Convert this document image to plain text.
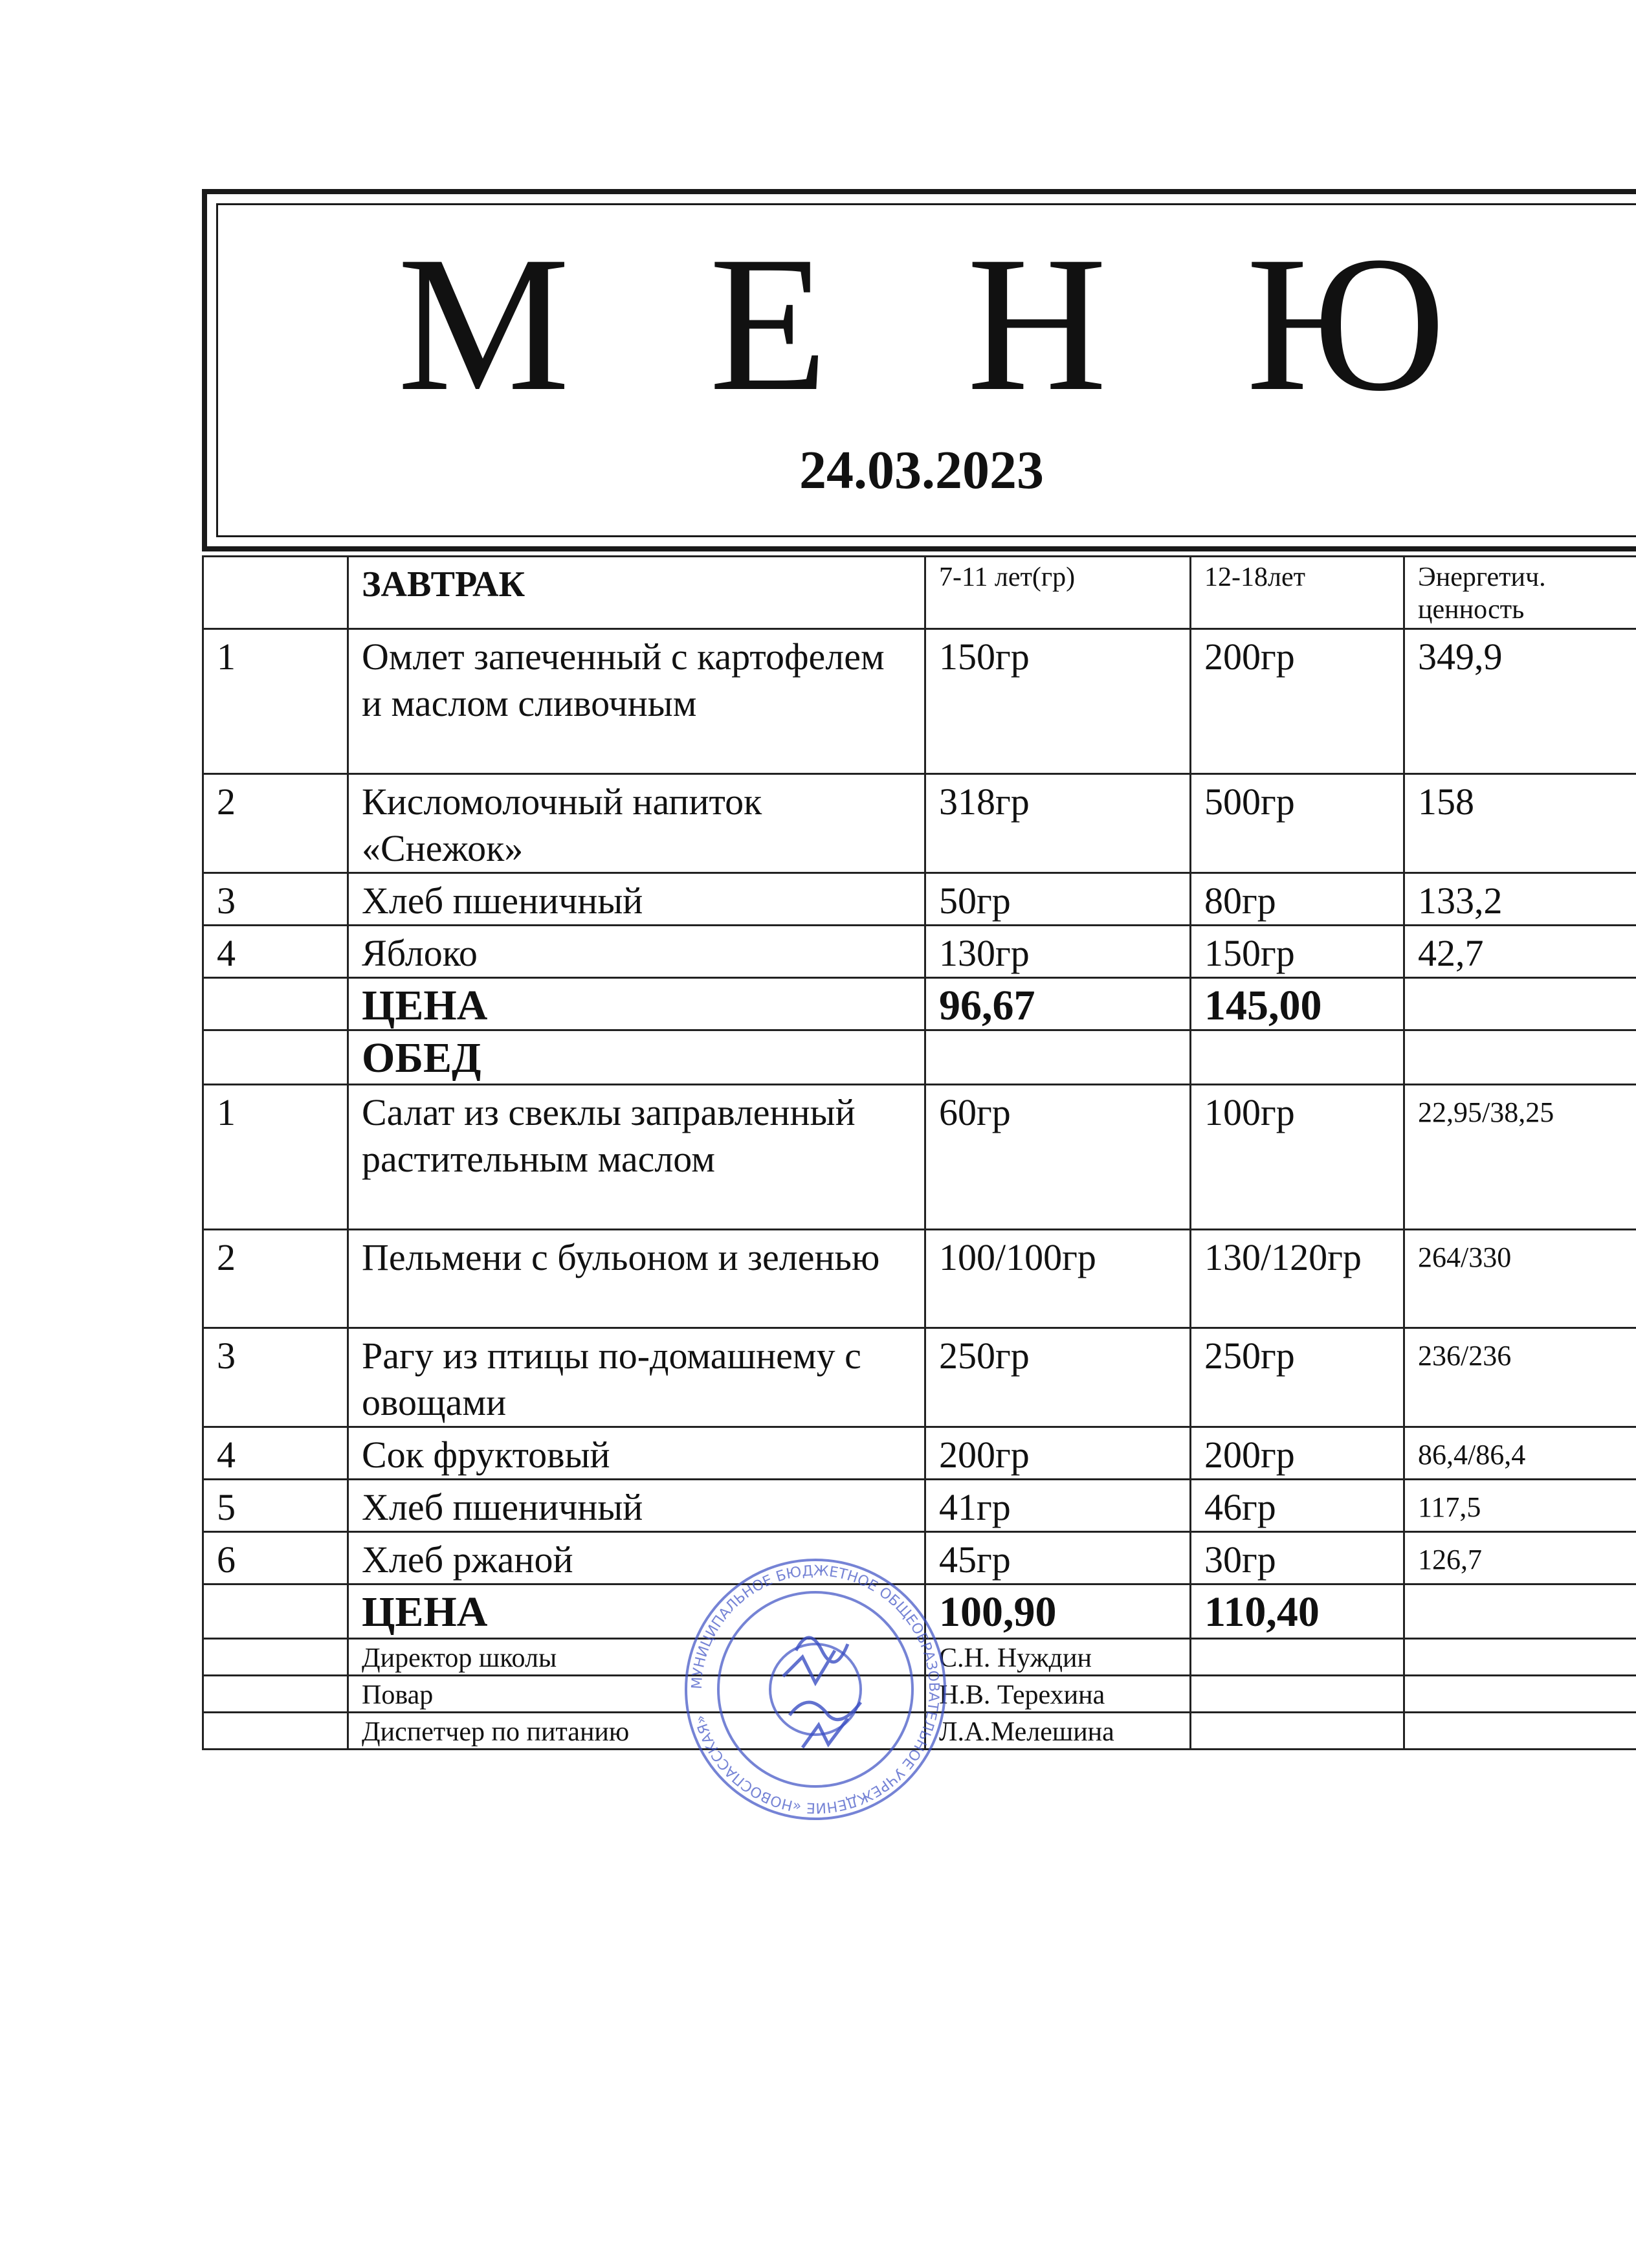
М Е Н Ю
24.03.2023
	ЗАВТРАК	7-11 лет(гр)	12-18лет	Энергетич. ценность
1	Омлет запеченный с картофелем и маслом сливочным	150гр	200гр	349,9
2	Кисломолочный напиток «Снежок»	318гр	500гр	158
3	Хлеб пшеничный	50гр	80гр	133,2
4	Яблоко	130гр	150гр	42,7
	ЦЕНА	96,67	145,00	
	ОБЕД			
1	Салат из свеклы заправленный растительным маслом	60гр	100гр	22,95/38,25
2	Пельмени с бульоном и зеленью	100/100гр	130/120гр	264/330
3	Рагу из птицы по-домашнему с овощами	250гр	250гр	236/236
4	Сок фруктовый	200гр	200гр	86,4/86,4
5	Хлеб пшеничный	41гр	46гр	117,5
6	Хлеб ржаной	45гр	30гр	126,7
	ЦЕНА	100,90	110,40	
	Директор школы	С.Н. Нуждин		
	Повар	Н.В. Терехина		
	Диспетчер по питанию	Л.А.Мелешина		
МУНИЦИПАЛЬНОЕ БЮДЖЕТНОЕ ОБЩЕОБРАЗОВАТЕЛЬНОЕ УЧРЕЖДЕНИЕ «НОВОСПАССКАЯ»
